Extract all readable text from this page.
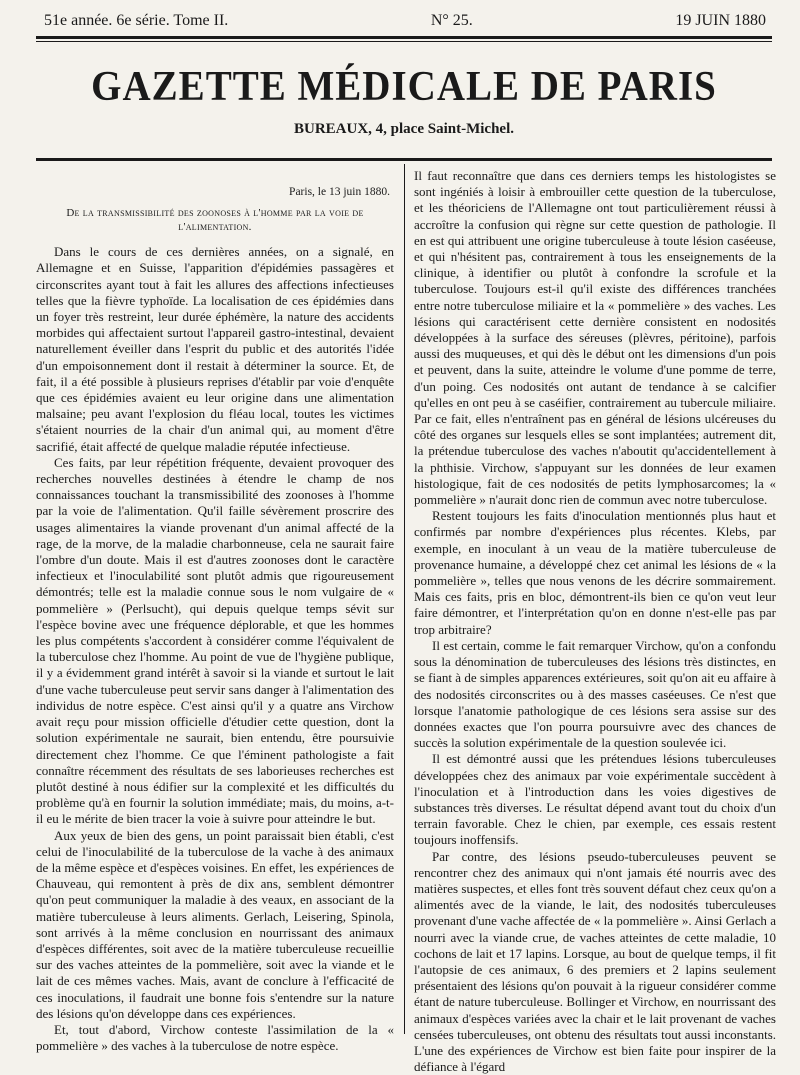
51e année. 6e série. Tome II.	N° 25.	19 JUIN 1880
GAZETTE MÉDICALE DE PARIS
BUREAUX, 4, place Saint-Michel.
Paris, le 13 juin 1880.
De la transmissibilité des zoonoses à l'homme par la voie de l'alimentation.

Dans le cours de ces dernières années, on a signalé, en Allemagne et en Suisse, l'apparition d'épidémies passagères et circonscrites ayant tout à fait les allures des affections infectieuses telles que la fièvre typhoïde. La localisation de ces épidémies dans un foyer très restreint, leur durée éphémère, la nature des accidents morbides qui affectaient surtout l'appareil gastro-intestinal, devaient naturellement éveiller dans l'esprit du public et des autorités l'idée d'un empoisonnement dont il restait à déterminer la source. Et, de fait, il a été possible à plusieurs reprises d'établir par voie d'enquête que ces épidémies avaient eu leur origine dans une alimentation malsaine; peu avant l'explosion du fléau local, toutes les victimes s'étaient nourries de la chair d'un animal qui, au moment d'être sacrifié, était affecté de quelque maladie réputée infectieuse.

Ces faits, par leur répétition fréquente, devaient provoquer des recherches nouvelles destinées à étendre le champ de nos connaissances touchant la transmissibilité des zoonoses à l'homme par la voie de l'alimentation. Qu'il faille sévèrement proscrire des usages alimentaires la viande provenant d'un animal affecté de la rage, de la morve, de la maladie charbonneuse, cela ne saurait faire l'ombre d'un doute. Mais il est d'autres zoonoses dont le caractère infectieux et l'inoculabilité sont plutôt admis que rigoureusement démontrés; telle est la maladie connue sous le nom vulgaire de « pommelière » (Perlsucht), qui depuis quelque temps sévit sur l'espèce bovine avec une fréquence déplorable, et que les hommes les plus compétents s'accordent à considérer comme l'équivalent de la tuberculose chez l'homme. Au point de vue de l'hygiène publique, il y a évidemment grand intérêt à savoir si la viande et surtout le lait d'une vache tuberculeuse peut servir sans danger à l'alimentation des individus de notre espèce. C'est ainsi qu'il y a quatre ans Virchow avait reçu pour mission officielle d'étudier cette question, dont la solution expérimentale ne saurait, bien entendu, être poursuivie directement chez l'homme. Ce que l'éminent pathologiste a fait connaître récemment des résultats de ses laborieuses recherches est plutôt destiné à nous édifier sur la complexité et les difficultés du problème qu'à en fournir la solution immédiate; mais, du moins, a-t-il eu le mérite de bien tracer la voie à suivre pour atteindre le but.

Aux yeux de bien des gens, un point paraissait bien établi, c'est celui de l'inoculabilité de la tuberculose de la vache à des animaux de la même espèce et d'espèces voisines. En effet, les expériences de Chauveau, qui remontent à près de dix ans, semblent démontrer qu'on peut communiquer la maladie à des veaux, en associant de la matière tuberculeuse à leurs aliments. Gerlach, Leisering, Spinola, sont arrivés à la même conclusion en nourrissant des animaux d'espèces différentes, soit avec de la matière tuberculeuse recueillie sur des vaches atteintes de la pommelière, soit avec la viande et le lait de ces mêmes vaches. Mais, avant de conclure à l'efficacité de ces inoculations, il faudrait une bonne fois s'entendre sur la nature des lésions qu'on développe dans ces expériences.

Et, tout d'abord, Virchow conteste l'assimilation de la « pommelière » des vaches à la tuberculose de notre espèce.

Il faut reconnaître que dans ces derniers temps les histologistes se sont ingéniés à loisir à embrouiller cette question de la tuberculose, et les théoriciens de l'Allemagne ont tout particulièrement réussi à accroître la confusion qui règne sur cette question de pathologie. Il en est qui attribuent une origine tuberculeuse à toute lésion caséeuse, et qui n'hésitent pas, contrairement à tous les enseignements de la clinique, à identifier ou plutôt à confondre la scrofule et la tuberculose. Toujours est-il qu'il existe des différences tranchées entre notre tuberculose miliaire et la « pommelière » des vaches. Les lésions qui caractérisent cette dernière consistent en nodosités développées à la surface des séreuses (plèvres, péritoine), parfois aussi des muqueuses, et qui dès le début ont les dimensions d'un pois et peuvent, dans la suite, atteindre le volume d'une pomme de terre, d'un poing. Ces nodosités ont autant de tendance à se calcifier qu'elles en ont peu à se caséifier, contrairement au tubercule miliaire. Par ce fait, elles n'entraînent pas en général de lésions ulcéreuses du côté des organes sur lesquels elles se sont implantées; autrement dit, la prétendue tuberculose des vaches n'aboutit qu'accidentellement à la phthisie. Virchow, s'appuyant sur les données de leur examen histologique, fait de ces nodosités de petits lymphosarcomes; la « pommelière » n'aurait donc rien de commun avec notre tuberculose.

Restent toujours les faits d'inoculation mentionnés plus haut et confirmés par nombre d'expériences plus récentes. Klebs, par exemple, en inoculant à un veau de la matière tuberculeuse de provenance humaine, a développé chez cet animal les lésions de « la pommelière », telles que nous venons de les décrire sommairement. Mais ces faits, pris en bloc, démontrent-ils bien ce qu'on veut leur faire démontrer, et l'interprétation qu'on en donne n'est-elle pas par trop arbitraire?

Il est certain, comme le fait remarquer Virchow, qu'on a confondu sous la dénomination de tuberculeuses des lésions très distinctes, en se fiant à de simples apparences extérieures, soit qu'on ait eu affaire à des nodosités circonscrites ou à des masses caséeuses. Ce n'est que lorsque l'anatomie pathologique de ces lésions sera assise sur des données exactes que l'on pourra poursuivre avec des chances de succès la solution expérimentale de la question soulevée ici.

Il est démontré aussi que les prétendues lésions tuberculeuses développées chez des animaux par voie expérimentale succèdent à l'inoculation et à l'introduction dans les voies digestives de substances très diverses. Le résultat dépend avant tout du choix d'un terrain favorable. Chez le chien, par exemple, ces essais restent toujours inoffensifs.

Par contre, des lésions pseudo-tuberculeuses peuvent se rencontrer chez des animaux qui n'ont jamais été nourris avec des matières suspectes, et elles font très souvent défaut chez ceux qu'on a alimentés avec de la viande, le lait, des nodosités tuberculeuses provenant d'une vache affectée de « la pommelière ». Ainsi Gerlach a nourri avec la viande crue, de vaches atteintes de cette maladie, 10 cochons de lait et 17 lapins. Lorsque, au bout de quelque temps, il fit l'autopsie de ces animaux, 6 des premiers et 2 lapins seulement présentaient des lésions qu'on pouvait à la rigueur considérer comme étant de nature tuberculeuse. Bollinger et Virchow, en nourrissant des animaux d'espèces variées avec la chair et le lait provenant de vaches censées tuberculeuses, ont obtenu des résultats tout aussi inconstants. L'une des expériences de Virchow est bien faite pour inspirer de la défiance à l'égard
